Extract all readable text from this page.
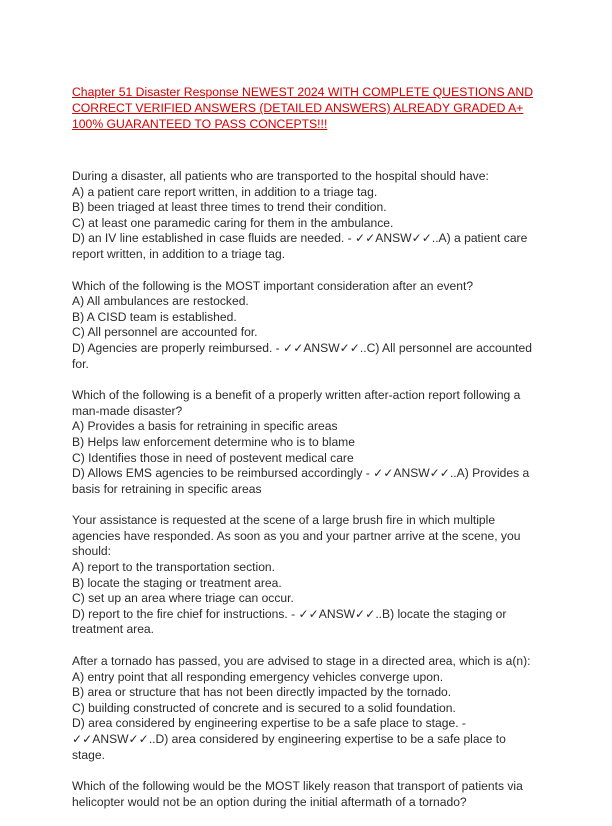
Chapter 51 Disaster Response NEWEST 2024 WITH COMPLETE QUESTIONS AND CORRECT VERIFIED ANSWERS (DETAILED ANSWERS) ALREADY GRADED A+ 100% GUARANTEED TO PASS CONCEPTS!!!

During a disaster, all patients who are transported to the hospital should have:

A) a patient care report written, in addition to a triage tag.

B) been triaged at least three times to trend their condition.

C) at least one paramedic caring for them in the ambulance.

D) an IV line established in case fluids are needed. - ✓✓ANSW✓✓..A) a patient care report written, in addition to a triage tag.

Which of the following is the MOST important consideration after an event?

A) All ambulances are restocked.

B) A CISD team is established.

C) All personnel are accounted for.

D) Agencies are properly reimbursed. - ✓✓ANSW✓✓..C) All personnel are accounted for.

Which of the following is a benefit of a properly written after-action report following a man-made disaster?

A) Provides a basis for retraining in specific areas

B) Helps law enforcement determine who is to blame

C) Identifies those in need of postevent medical care

D) Allows EMS agencies to be reimbursed accordingly - ✓✓ANSW✓✓..A) Provides a basis for retraining in specific areas

Your assistance is requested at the scene of a large brush fire in which multiple agencies have responded. As soon as you and your partner arrive at the scene, you should:

A) report to the transportation section.

B) locate the staging or treatment area.

C) set up an area where triage can occur.

D) report to the fire chief for instructions. - ✓✓ANSW✓✓..B) locate the staging or treatment area.

After a tornado has passed, you are advised to stage in a directed area, which is a(n):

A) entry point that all responding emergency vehicles converge upon.

B) area or structure that has not been directly impacted by the tornado.

C) building constructed of concrete and is secured to a solid foundation.

D) area considered by engineering expertise to be a safe place to stage. - ✓✓ANSW✓✓..D) area considered by engineering expertise to be a safe place to stage.

Which of the following would be the MOST likely reason that transport of patients via helicopter would not be an option during the initial aftermath of a tornado?
